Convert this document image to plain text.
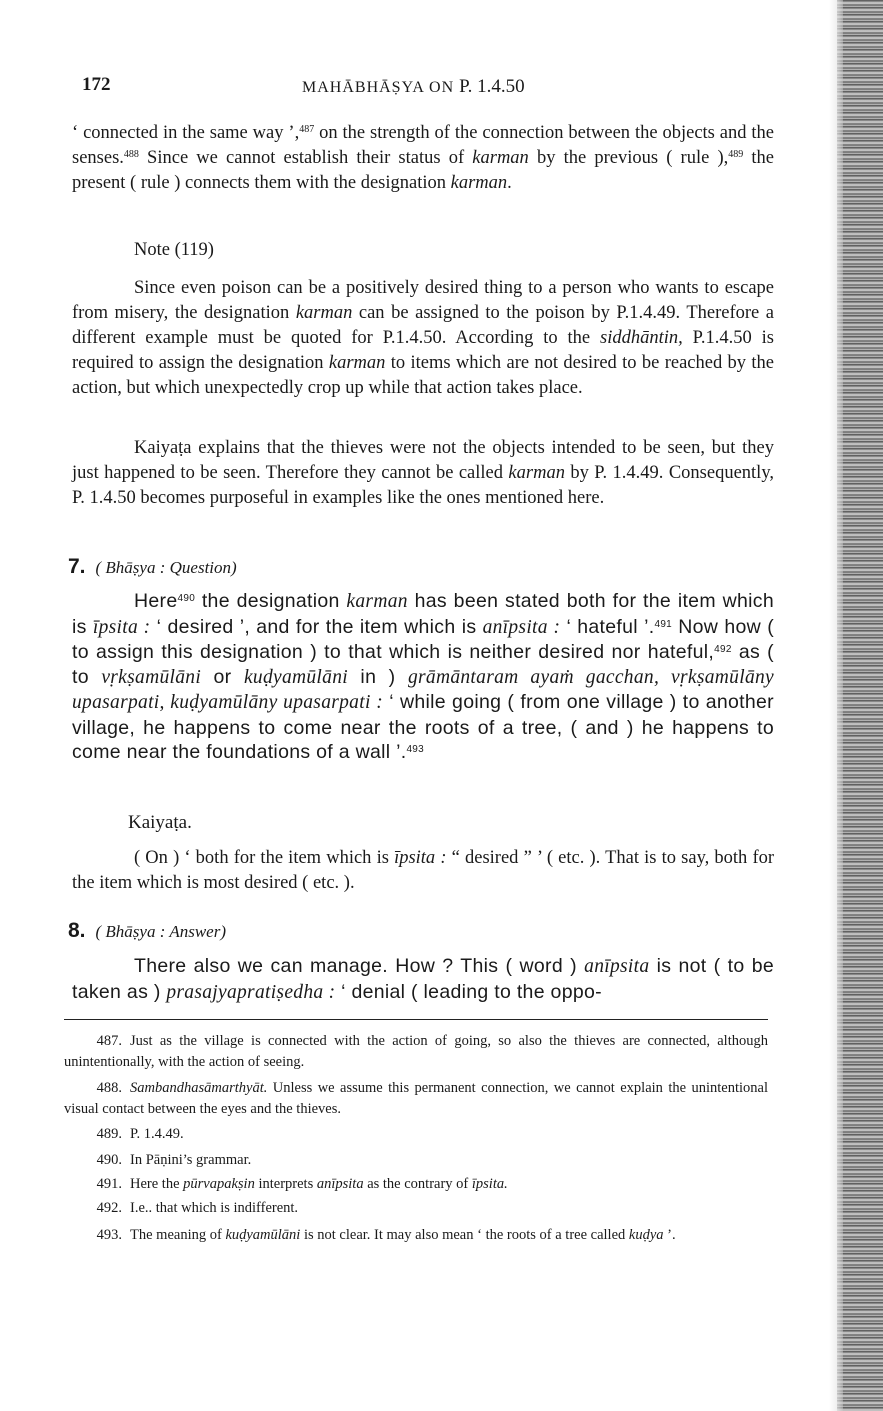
172	MAHĀBHĀṢYA ON P. 1.4.50

‘ connected in the same way ’,$^{487}$ on the strength of the connection between the objects and the senses.$^{488}$ Since we cannot establish their status of karman by the previous ( rule ),$^{489}$ the present ( rule ) connects them with the designation karman.

Note (119)

Since even poison can be a positively desired thing to a person who wants to escape from misery, the designation karman can be assigned to the poison by P.1.4.49. Therefore a different example must be quoted for P.1.4.50. According to the siddhāntin, P.1.4.50 is required to assign the designation karman to items which are not desired to be reached by the action, but which unexpectedly crop up while that action takes place.

Kaiyaṭa explains that the thieves were not the objects intended to be seen, but they just happened to be seen. Therefore they cannot be called karman by P. 1.4.49. Consequently, P. 1.4.50 becomes purposeful in examples like the ones mentioned here.

7. ( Bhāṣya : Question)

Here$^{490}$ the designation karman has been stated both for the item which is īpsita : ‘ desired ’, and for the item which is anīpsita : ‘ hateful ’.$^{491}$ Now how ( to assign this designation ) to that which is neither desired nor hateful,$^{492}$ as ( to vṛkṣamūlāni or kuḍyamūlāni in ) grāmāntaram ayaṁ gacchan, vṛkṣamūlāny upasarpati, kuḍyamūlāny upasarpati : ‘ while going ( from one village ) to another village, he happens to come near the roots of a tree, ( and ) he happens to come near the foundations of a wall ’.$^{493}$

Kaiyaṭa.

( On ) ‘ both for the item which is īpsita : “ desired ” ’ ( etc. ). That is to say, both for the item which is most desired ( etc. ).

8. ( Bhāṣya : Answer)

There also we can manage. How ? This ( word ) anīpsita is not ( to be taken as ) prasajyapratiṣedha : ‘ denial ( leading to the oppo-

487. Just as the village is connected with the action of going, so also the thieves are connected, although unintentionally, with the action of seeing.
488. Sambandhasāmarthyāt. Unless we assume this permanent connection, we cannot explain the unintentional visual contact between the eyes and the thieves.
489. P. 1.4.49.
490. In Pāṇini’s grammar.
491. Here the pūrvapakṣin interprets anīpsita as the contrary of īpsita.
492. I.e.. that which is indifferent.
493. The meaning of kuḍyamūlāni is not clear. It may also mean ‘ the roots of a tree called kuḍya ’.
